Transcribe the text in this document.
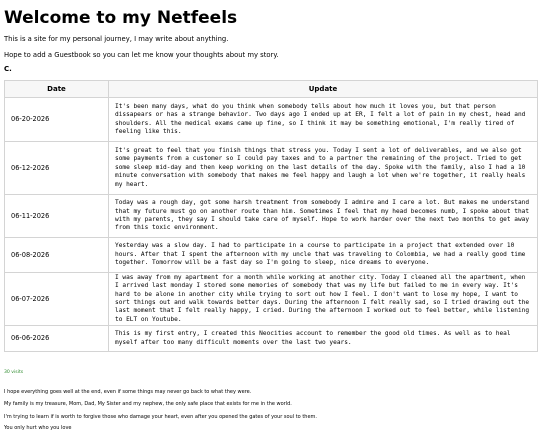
Welcome to my Netfeels

This is a site for my personal journey, I may write about anything.

Hope to add a Guestbook so you can let me know your thoughts about my story.

C.

Date	Update
06-20-2026	It's been many days, what do you think when somebody tells about how much it loves you, but that person dissapears or has a strange behavior. Two days ago I ended up at ER, I felt a lot of pain in my chest, head and shoulders. All the medical exams came up fine, so I think it may be something emotional, I'm really tired of feeling like this.
06-12-2026	It's great to feel that you finish things that stress you. Today I sent a lot of deliverables, and we also got some payments from a customer so I could pay taxes and to a partner the remaining of the project. Tried to get some sleep mid-day and then keep working on the last details of the day. Spoke with the family, also I had a 10 minute conversation with somebody that makes me feel happy and laugh a lot when we're together, it really heals my heart.
06-11-2026	Today was a rough day, got some harsh treatment from somebody I admire and I care a lot. But makes me understand that my future must go on another route than him. Sometimes I feel that my head becomes numb, I spoke about that with my parents, they say I should take care of myself. Hope to work harder over the next two months to get away from this toxic environment.
06-08-2026	Yesterday was a slow day. I had to participate in a course to participate in a project that extended over 10 hours. After that I spent the afternoon with my uncle that was traveling to Colombia, we had a really good time together. Tomorrow will be a fast day so I'm going to sleep, nice dreams to everyone.
06-07-2026	I was away from my apartment for a month while working at another city. Today I cleaned all the apartment, when I arrived last monday I stored some memories of somebody that was my life but failed to me in every way. It's hard to be alone in another city while trying to sort out how I feel. I don't want to lose my hope, I want to sort things out and walk towards better days. During the afternoon I felt really sad, so I tried drawing out the last moment that I felt really happy, I cried. During the afternoon I worked out to feel better, while listening to ELT on Youtube.
06-06-2026	This is my first entry, I created this Neocities account to remember the good old times. As well as to heal myself after too many difficult moments over the last two years.
30 visits

I hope everything goes well at the end, even if some things may never go back to what they were.

My family is my treasure, Mom, Dad, My Sister and my nephew, the only safe place that exists for me in the world.

I'm trying to learn if is worth to forgive those who damage your heart, even after you opened the gates of your soul to them.

You only hurt who you love
